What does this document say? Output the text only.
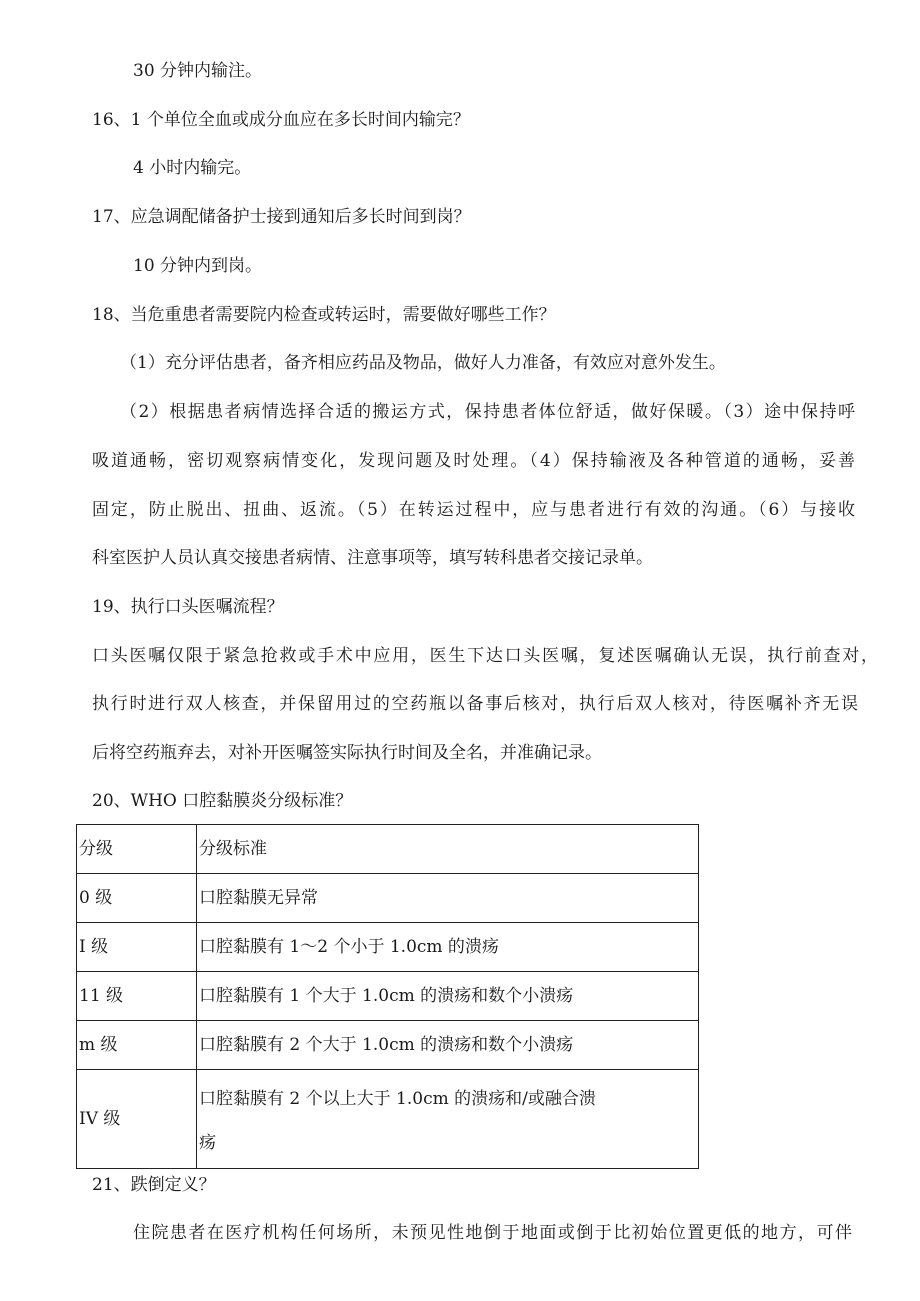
30 分钟内输注。
16、1 个单位全血或成分血应在多长时间内输完？
4 小时内输完。
17、应急调配储备护士接到通知后多长时间到岗？
10 分钟内到岗。
18、当危重患者需要院内检查或转运时，需要做好哪些工作？
（1）充分评估患者，备齐相应药品及物品，做好人力准备，有效应对意外发生。
（2）根据患者病情选择合适的搬运方式，保持患者体位舒适，做好保暖。（3）途中保持呼
吸道通畅，密切观察病情变化，发现问题及时处理。（4）保持输液及各种管道的通畅，妥善
固定，防止脱出、扭曲、返流。（5）在转运过程中，应与患者进行有效的沟通。（6）与接收
科室医护人员认真交接患者病情、注意事项等，填写转科患者交接记录单。
19、执行口头医嘱流程？
口头医嘱仅限于紧急抢救或手术中应用，医生下达口头医嘱，复述医嘱确认无误，执行前查对，
执行时进行双人核查，并保留用过的空药瓶以备事后核对，执行后双人核对，待医嘱补齐无误
后将空药瓶弃去，对补开医嘱签实际执行时间及全名，并准确记录。
20、WHO 口腔黏膜炎分级标准？
分级	分级标准
0 级	口腔黏膜无异常
I 级	口腔黏膜有 1～2 个小于 1.0cm 的溃疡
11 级	口腔黏膜有 1 个大于 1.0cm 的溃疡和数个小溃疡
m 级	口腔黏膜有 2 个大于 1.0cm 的溃疡和数个小溃疡
IV 级	口腔黏膜有 2 个以上大于 1.0cm 的溃疡和/或融合溃
疡
21、跌倒定义？
住院患者在医疗机构任何场所，未预见性地倒于地面或倒于比初始位置更低的地方，可伴
